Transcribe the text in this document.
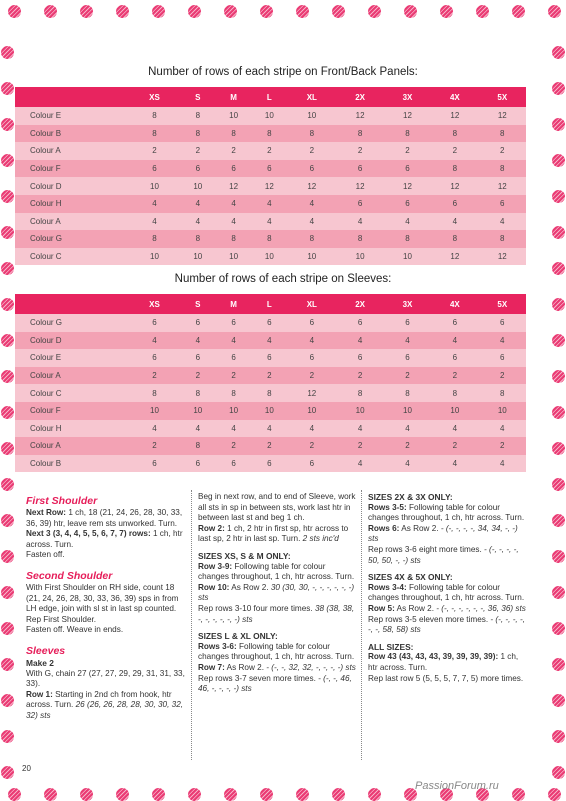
Number of rows of each stripe on Front/Back Panels:
	XS	S	M	L	XL	2X	3X	4X	5X
Colour E	8	8	10	10	10	12	12	12	12
Colour B	8	8	8	8	8	8	8	8	8
Colour A	2	2	2	2	2	2	2	2	2
Colour F	6	6	6	6	6	6	6	8	8
Colour D	10	10	12	12	12	12	12	12	12
Colour H	4	4	4	4	4	6	6	6	6
Colour A	4	4	4	4	4	4	4	4	4
Colour G	8	8	8	8	8	8	8	8	8
Colour C	10	10	10	10	10	10	10	12	12
Number of rows of each stripe on Sleeves:
	XS	S	M	L	XL	2X	3X	4X	5X
Colour G	6	6	6	6	6	6	6	6	6
Colour D	4	4	4	4	4	4	4	4	4
Colour E	6	6	6	6	6	6	6	6	6
Colour A	2	2	2	2	2	2	2	2	2
Colour C	8	8	8	8	12	8	8	8	8
Colour F	10	10	10	10	10	10	10	10	10
Colour H	4	4	4	4	4	4	4	4	4
Colour A	2	8	2	2	2	2	2	2	2
Colour B	6	6	6	6	6	4	4	4	4
First Shoulder

Next Row: 1 ch, 18 (21, 24, 26, 28, 30, 33, 36, 39) htr, leave rem sts unworked. Turn.

Next 3 (3, 4, 4, 5, 5, 6, 7, 7) rows: 1 ch, htr across. Turn.

Fasten off.

Second Shoulder

With First Shoulder on RH side, count 18 (21, 24, 26, 28, 30, 33, 36, 39) sps in from LH edge, join with sl st in last sp counted.

Rep First Shoulder.

Fasten off. Weave in ends.

Sleeves

Make 2

With G, chain 27 (27, 27, 29, 29, 31, 31, 33, 33).

Row 1: Starting in 2nd ch from hook, htr across. Turn. 26 (26, 26, 28, 28, 30, 30, 32, 32) sts

Beg in next row, and to end of Sleeve, work all sts in sp in between sts, work last htr in between last st and beg 1 ch.

Row 2: 1 ch, 2 htr in first sp, htr across to last sp, 2 htr in last sp. Turn. 2 sts inc'd

SIZES XS, S & M ONLY:

Row 3-9: Following table for colour changes throughout, 1 ch, htr across. Turn.

Row 10: As Row 2. 30 (30, 30, -, -, -, -, -, -) sts

Rep rows 3-10 four more times. 38 (38, 38, -, -, -, -, -, -) sts

SIZES L & XL ONLY:

Rows 3-6: Following table for colour changes throughout, 1 ch, htr across. Turn.

Row 7: As Row 2. - (-, -, 32, 32, -, -, -, -) sts

Rep rows 3-7 seven more times. - (-, -, 46, 46, -, -, -, -) sts

SIZES 2X & 3X ONLY:

Rows 3-5: Following table for colour changes throughout, 1 ch, htr across. Turn.

Rows 6: As Row 2. - (-, -, -, -, 34, 34, -, -) sts

Rep rows 3-6 eight more times. - (-, -, -, -, 50, 50, -, -) sts

SIZES 4X & 5X ONLY:

Rows 3-4: Following table for colour changes throughout, 1 ch, htr across. Turn.

Row 5: As Row 2. - (-, -, -, -, -, -, 36, 36) sts

Rep rows 3-5 eleven more times. - (-, -, -, -, -, -, 58, 58) sts

ALL SIZES:

Row 43 (43, 43, 43, 39, 39, 39, 39): 1 ch, htr across. Turn.

Rep last row 5 (5, 5, 5, 7, 7, 5) more times.

20
PassionForum.ru
